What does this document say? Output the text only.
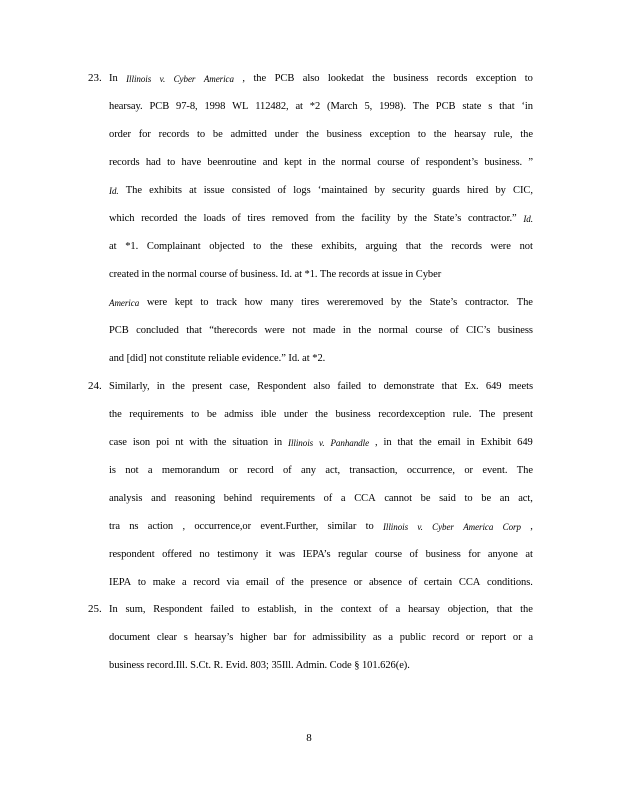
23. In Illinois v. Cyber America , the PCB also lookedat the business records exception to
hearsay. PCB 97-8, 1998 WL 112482, at *2 (March 5, 1998). The PCB state s that ‘in
order for records to be admitted under the business exception to the hearsay rule, the
records had to have beenroutine and kept in the normal course of respondent’s business. ”
Id. The exhibits at issue consisted of logs ‘maintained by security guards hired by CIC,
which recorded the loads of tires removed from the facility by the State’s contractor.” Id.
at *1. Complainant objected to the these exhibits, arguing that the records were not
created in the normal course of business. Id. at *1. The records at issue in Cyber
America were kept to track how many tires wereremoved by the State’s contractor. The
PCB concluded that “therecords were not made in the normal course of CIC’s business
and [did] not constitute reliable evidence.” Id. at *2.
24. Similarly, in the present case, Respondent also failed to demonstrate that Ex. 649 meets
the requirements to be admiss ible under the business recordexception rule. The present
case ison poi nt with the situation in Illinois v. Panhandle , in that the email in Exhibit 649
is not a memorandum or record of any act, transaction, occurrence, or event. The
analysis and reasoning behind requirements of a CCA cannot be said to be an act,
tra ns action , occurrence,or event.Further, similar to Illinois v. Cyber America Corp ,
respondent offered no testimony it was IEPA’s regular course of business for anyone at
IEPA to make a record via email of the presence or absence of certain CCA conditions.
25. In sum, Respondent failed to establish, in the context of a hearsay objection, that the
document clear s hearsay’s higher bar for admissibility as a public record or report or a
business record.Ill. S.Ct. R. Evid. 803; 35Ill. Admin. Code § 101.626(e).
8
